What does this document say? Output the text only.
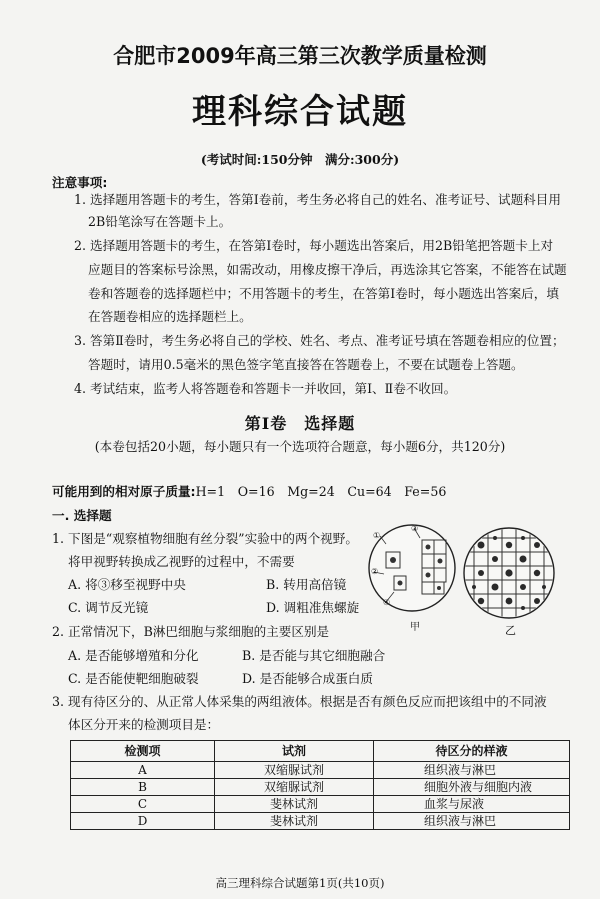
合肥市2009年高三第三次教学质量检测
理科综合试题
(考试时间:150分钟　满分:300分)
注意事项:
1. 选择题用答题卡的考生，答第Ⅰ卷前，考生务必将自己的姓名、准考证号、试题科目用
2B铅笔涂写在答题卡上。
2. 选择题用答题卡的考生，在答第Ⅰ卷时，每小题选出答案后，用2B铅笔把答题卡上对
应题目的答案标号涂黑，如需改动，用橡皮擦干净后，再选涂其它答案，不能答在试题
卷和答题卷的选择题栏中；不用答题卡的考生，在答第Ⅰ卷时，每小题选出答案后，填
在答题卷相应的选择题栏上。
3. 答第Ⅱ卷时，考生务必将自己的学校、姓名、考点、准考证号填在答题卷相应的位置；
答题时，请用0.5毫米的黑色签字笔直接答在答题卷上，不要在试题卷上答题。
4. 考试结束，监考人将答题卷和答题卡一并收回，第Ⅰ、Ⅱ卷不收回。
第Ⅰ卷　选择题
(本卷包括20小题，每小题只有一个选项符合题意，每小题6分，共120分)
可能用到的相对原子质量:H=1　O=16　Mg=24　Cu=64　Fe=56
一. 选择题
1. 下图是“观察植物细胞有丝分裂”实验中的两个视野。
将甲视野转换成乙视野的过程中，不需要
A. 将③移至视野中央	B. 转用高倍镜
C. 调节反光镜	D. 调粗准焦螺旋
①
②
③
④
甲	乙
2. 正常情况下，B淋巴细胞与浆细胞的主要区别是
A. 是否能够增殖和分化	B. 是否能与其它细胞融合
C. 是否能使靶细胞破裂	D. 是否能够合成蛋白质
3. 现有待区分的、从正常人体采集的两组液体。根据是否有颜色反应而把该组中的不同液
体区分开来的检测项目是：
检测项	试剂	待区分的样液
A	双缩脲试剂	组织液与淋巴
B	双缩脲试剂	细胞外液与细胞内液
C	斐林试剂	血浆与尿液
D	斐林试剂	组织液与淋巴
高三理科综合试题第1页(共10页)
